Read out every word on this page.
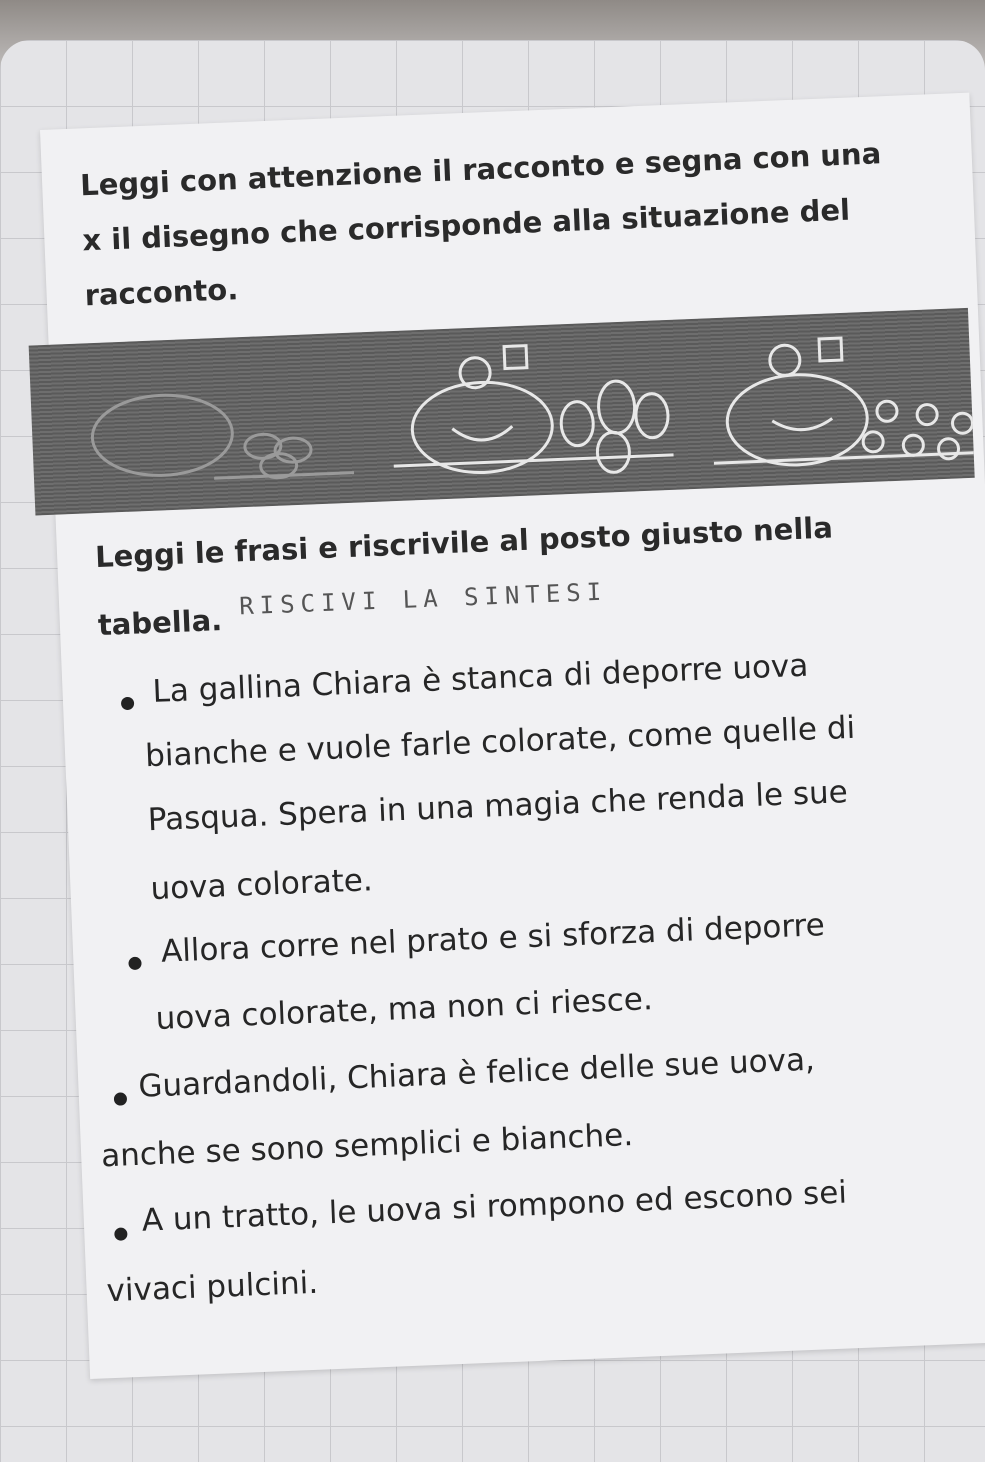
Leggi con attenzione il racconto e segna con una
x il disegno che corrisponde alla situazione del
racconto.
Leggi le frasi e riscrivile al posto giusto nella
tabella.
RISCIVI LA SINTESI
La gallina Chiara è stanca di deporre uova
bianche e vuole farle colorate, come quelle di
Pasqua. Spera in una magia che renda le sue
uova colorate.
Allora corre nel prato e si sforza di deporre
uova colorate, ma non ci riesce.
Guardandoli, Chiara è felice delle sue uova,
anche se sono semplici e bianche.
A un tratto, le uova si rompono ed escono sei
vivaci pulcini.
